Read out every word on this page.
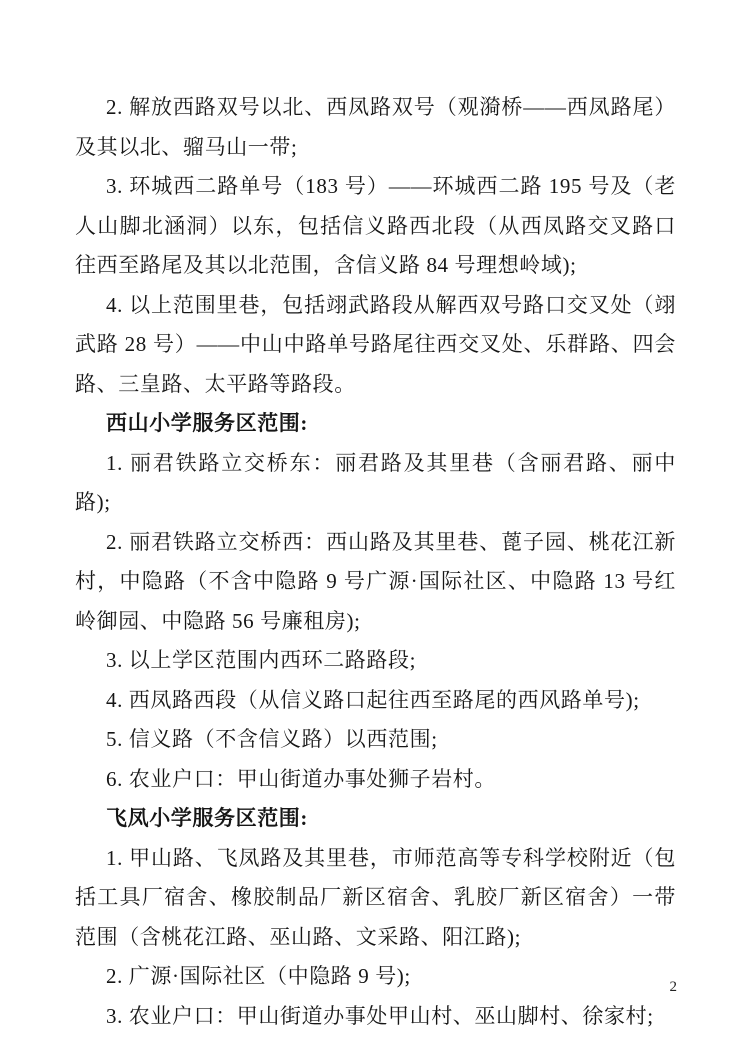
2. 解放西路双号以北、西凤路双号（观漪桥——西凤路尾）及其以北、骝马山一带;

3. 环城西二路单号（183 号）——环城西二路 195 号及（老人山脚北涵洞）以东，包括信义路西北段（从西凤路交叉路口往西至路尾及其以北范围，含信义路 84 号理想岭域);

4. 以上范围里巷，包括翊武路段从解西双号路口交叉处（翊武路 28 号）——中山中路单号路尾往西交叉处、乐群路、四会路、三皇路、太平路等路段。

西山小学服务区范围:

1. 丽君铁路立交桥东：丽君路及其里巷（含丽君路、丽中路);

2. 丽君铁路立交桥西：西山路及其里巷、蓖子园、桃花江新村，中隐路（不含中隐路 9 号广源·国际社区、中隐路 13 号红岭御园、中隐路 56 号廉租房);

3. 以上学区范围内西环二路路段;

4. 西凤路西段（从信义路口起往西至路尾的西风路单号);

5. 信义路（不含信义路）以西范围;

6. 农业户口：甲山街道办事处狮子岩村。

飞凤小学服务区范围:

1. 甲山路、飞凤路及其里巷，市师范高等专科学校附近（包括工具厂宿舍、橡胶制品厂新区宿舍、乳胶厂新区宿舍）一带范围（含桃花江路、巫山路、文采路、阳江路);

2. 广源·国际社区（中隐路 9 号);

3. 农业户口：甲山街道办事处甲山村、巫山脚村、徐家村;

2
